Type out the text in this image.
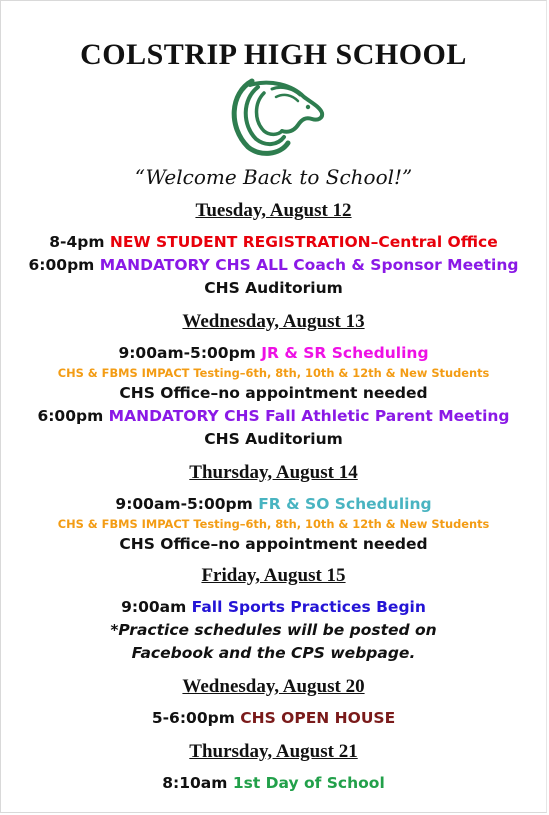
COLSTRIP HIGH SCHOOL
“Welcome Back to School!”
Tuesday, August 12
8-4pm NEW STUDENT REGISTRATION–Central Office
6:00pm MANDATORY CHS ALL Coach & Sponsor Meeting
CHS Auditorium
Wednesday, August 13
9:00am-5:00pm JR & SR Scheduling
CHS & FBMS IMPACT Testing–6th, 8th, 10th & 12th & New Students
CHS Office–no appointment needed
6:00pm MANDATORY CHS Fall Athletic Parent Meeting
CHS Auditorium
Thursday, August 14
9:00am-5:00pm FR & SO Scheduling
CHS & FBMS IMPACT Testing–6th, 8th, 10th & 12th & New Students
CHS Office–no appointment needed
Friday, August 15
9:00am Fall Sports Practices Begin
*Practice schedules will be posted on
Facebook and the CPS webpage.
Wednesday, August 20
5-6:00pm CHS OPEN HOUSE
Thursday, August 21
8:10am 1st Day of School
